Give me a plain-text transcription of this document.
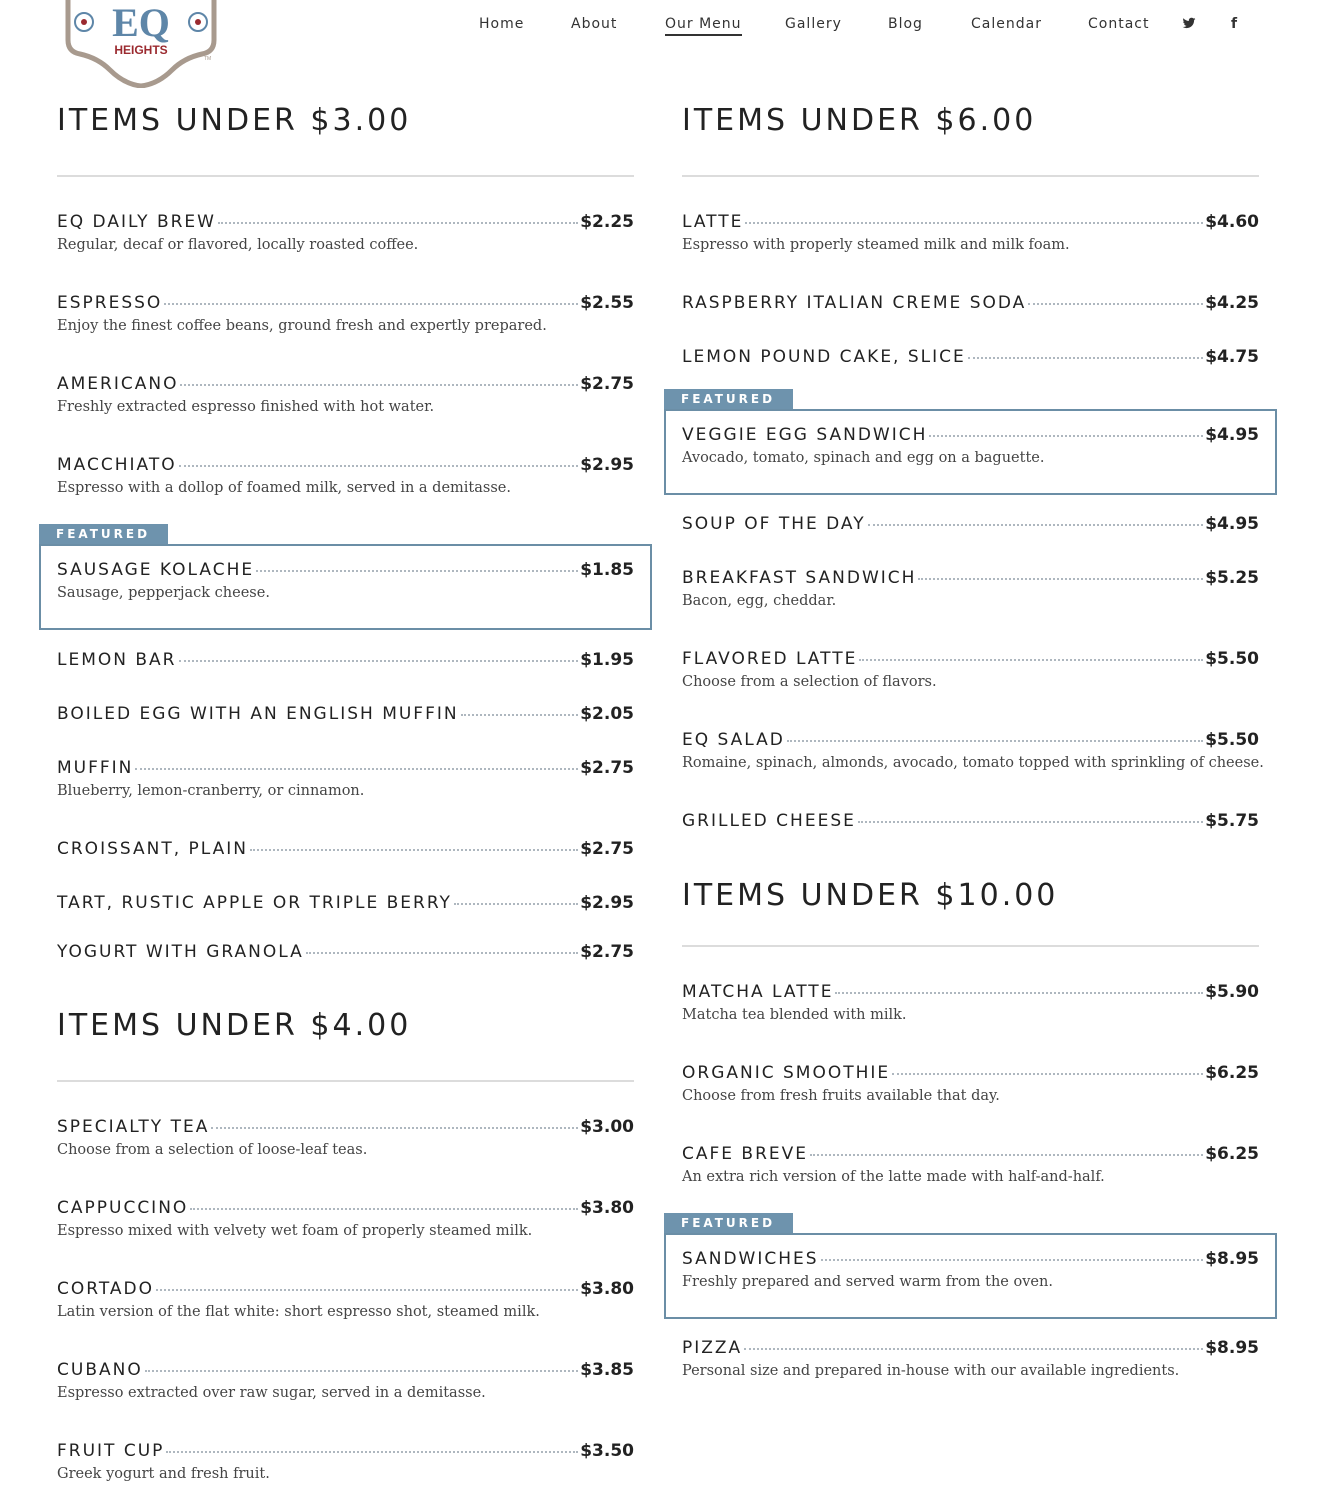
EQ
HEIGHTS
TM
Home	About	Our Menu	Gallery	Blog	Calendar	Contact	f
ITEMS UNDER $3.00
EQ DAILY BREW	$2.25
Regular, decaf or flavored, locally roasted coffee.
ESPRESSO	$2.55
Enjoy the finest coffee beans, ground fresh and expertly prepared.
AMERICANO	$2.75
Freshly extracted espresso finished with hot water.
MACCHIATO	$2.95
Espresso with a dollop of foamed milk, served in a demitasse.
FEATURED
SAUSAGE KOLACHE	$1.85
Sausage, pepperjack cheese.
LEMON BAR	$1.95
BOILED EGG WITH AN ENGLISH MUFFIN	$2.05
MUFFIN	$2.75
Blueberry, lemon-cranberry, or cinnamon.
CROISSANT, PLAIN	$2.75
TART, RUSTIC APPLE OR TRIPLE BERRY	$2.95
YOGURT WITH GRANOLA	$2.75
ITEMS UNDER $4.00
SPECIALTY TEA	$3.00
Choose from a selection of loose-leaf teas.
CAPPUCCINO	$3.80
Espresso mixed with velvety wet foam of properly steamed milk.
CORTADO	$3.80
Latin version of the flat white: short espresso shot, steamed milk.
CUBANO	$3.85
Espresso extracted over raw sugar, served in a demitasse.
FRUIT CUP	$3.50
Greek yogurt and fresh fruit.
ITEMS UNDER $6.00
LATTE	$4.60
Espresso with properly steamed milk and milk foam.
RASPBERRY ITALIAN CREME SODA	$4.25
LEMON POUND CAKE, SLICE	$4.75
FEATURED
VEGGIE EGG SANDWICH	$4.95
Avocado, tomato, spinach and egg on a baguette.
SOUP OF THE DAY	$4.95
BREAKFAST SANDWICH	$5.25
Bacon, egg, cheddar.
FLAVORED LATTE	$5.50
Choose from a selection of flavors.
EQ SALAD	$5.50
Romaine, spinach, almonds, avocado, tomato topped with sprinkling of cheese.
GRILLED CHEESE	$5.75
ITEMS UNDER $10.00
MATCHA LATTE	$5.90
Matcha tea blended with milk.
ORGANIC SMOOTHIE	$6.25
Choose from fresh fruits available that day.
CAFE BREVE	$6.25
An extra rich version of the latte made with half-and-half.
FEATURED
SANDWICHES	$8.95
Freshly prepared and served warm from the oven.
PIZZA	$8.95
Personal size and prepared in-house with our available ingredients.
